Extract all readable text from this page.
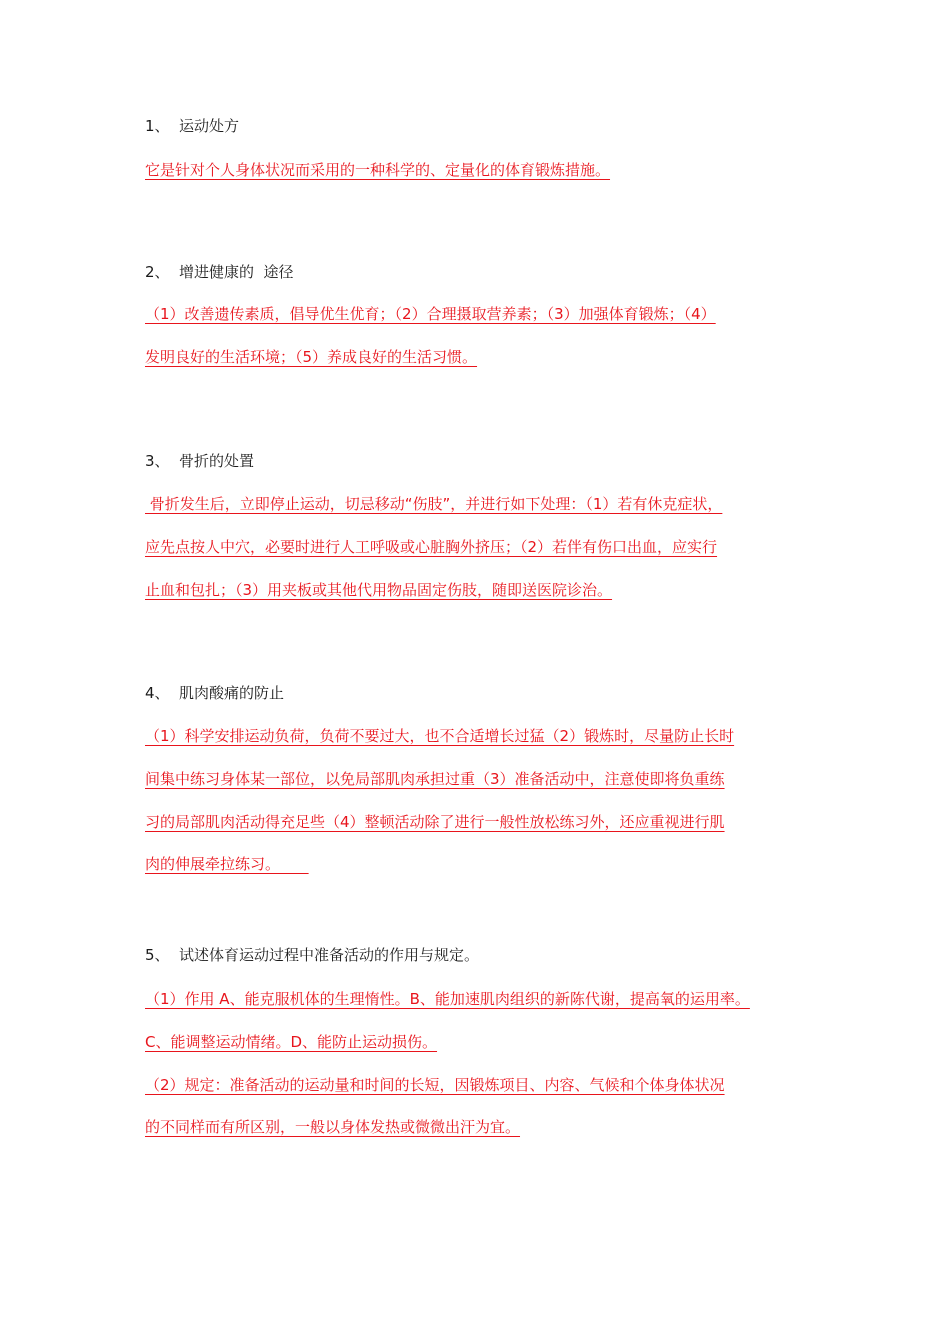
1、 运动处方
它是针对个人身体状况而采用的一种科学的、定量化的体育锻炼措施。
2、 增进健康的  途径
（1）改善遗传素质，倡导优生优育；（2）合理摄取营养素；（3）加强体育锻炼；（4）
发明良好的生活环境；（5）养成良好的生活习惯。
3、 骨折的处置
骨折发生后，立即停止运动，切忌移动“伤肢”，并进行如下处理：（1）若有休克症状，
应先点按人中穴，必要时进行人工呼吸或心脏胸外挤压；（2）若伴有伤口出血，应实行
止血和包扎；（3）用夹板或其他代用物品固定伤肢，随即送医院诊治。
4、 肌肉酸痛的防止
（1）科学安排运动负荷，负荷不要过大，也不合适增长过猛（2）锻炼时，尽量防止长时
间集中练习身体某一部位，以免局部肌肉承担过重（3）准备活动中，注意使即将负重练
习的局部肌肉活动得充足些（4）整顿活动除了进行一般性放松练习外，还应重视进行肌
肉的伸展牵拉练习。
5、 试述体育运动过程中准备活动的作用与规定。
（1）作用 A、能克服机体的生理惰性。B、能加速肌肉组织的新陈代谢，提高氧的运用率。
C、能调整运动情绪。D、能防止运动损伤。
（2）规定：准备活动的运动量和时间的长短，因锻炼项目、内容、气候和个体身体状况
的不同样而有所区别，一般以身体发热或微微出汗为宜。
